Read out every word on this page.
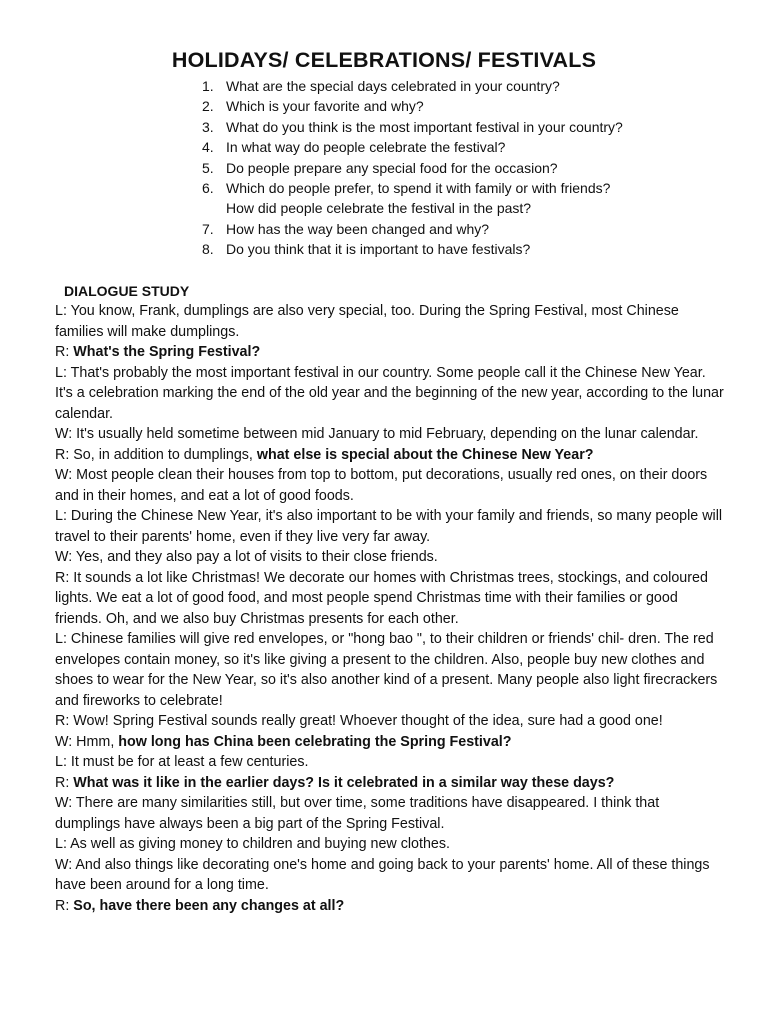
HOLIDAYS/ CELEBRATIONS/ FESTIVALS
1. What are the special days celebrated in your country?
2. Which is your favorite and why?
3. What do you think is the most important festival in your country?
4. In what way do people celebrate the festival?
5. Do people prepare any special food for the occasion?
6. Which do people prefer, to spend it with family or with friends?
How did people celebrate the festival in the past?
7. How has the way been changed and why?
8. Do you think that it is important to have festivals?
DIALOGUE STUDY

L: You know, Frank, dumplings are also very special, too. During the Spring Festival, most Chinese families will make dumplings.

R: What's the Spring Festival?

L: That's probably the most important festival in our country. Some people call it the Chinese New Year. It's a celebration marking the end of the old year and the beginning of the new year, according to the lunar calendar.

W: It's usually held sometime between mid January to mid February, depending on the lunar calendar.

R: So, in addition to dumplings, what else is special about the Chinese New Year?

W: Most people clean their houses from top to bottom, put decorations, usually red ones, on their doors and in their homes, and eat a lot of good foods.

L: During the Chinese New Year, it's also important to be with your family and friends, so many people will travel to their parents' home, even if they live very far away.

W: Yes, and they also pay a lot of visits to their close friends.

R: It sounds a lot like Christmas! We decorate our homes with Christmas trees, stockings, and coloured lights. We eat a lot of good food, and most people spend Christmas time with their families or good friends. Oh, and we also buy Christmas presents for each other.

L: Chinese families will give red envelopes, or "hong bao ", to their children or friends' chil- dren. The red envelopes contain money, so it's like giving a present to the children. Also, people buy new clothes and shoes to wear for the New Year, so it's also another kind of a present. Many people also light firecrackers and fireworks to celebrate!

R: Wow! Spring Festival sounds really great! Whoever thought of the idea, sure had a good one!

W: Hmm, how long has China been celebrating the Spring Festival?

L: It must be for at least a few centuries.

R: What was it like in the earlier days? Is it celebrated in a similar way these days?

W: There are many similarities still, but over time, some traditions have disappeared. I think that dumplings have always been a big part of the Spring Festival.

L: As well as giving money to children and buying new clothes.

W: And also things like decorating one's home and going back to your parents' home. All of these things have been around for a long time.

R: So, have there been any changes at all?
